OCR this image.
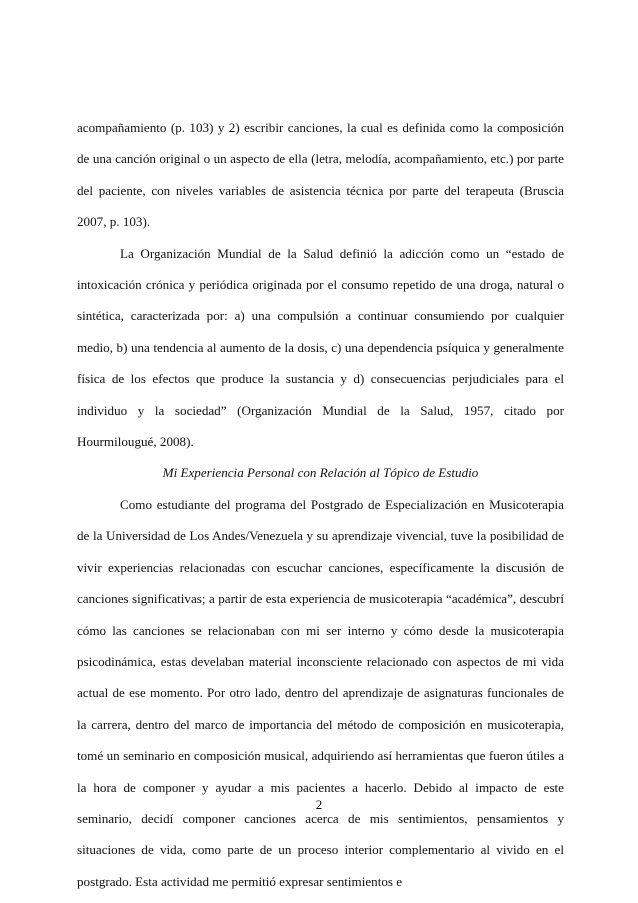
acompañamiento (p. 103) y 2) escribir canciones, la cual es definida como la composición de una canción original o un aspecto de ella (letra, melodía, acompañamiento, etc.) por parte del paciente, con niveles variables de asistencia técnica por parte del terapeuta (Bruscia 2007, p. 103).

La Organización Mundial de la Salud definió la adicción como un “estado de intoxicación crónica y periódica originada por el consumo repetido de una droga, natural o sintética, caracterizada por: a) una compulsión a continuar consumiendo por cualquier medio, b) una tendencia al aumento de la dosis, c) una dependencia psíquica y generalmente física de los efectos que produce la sustancia y d) consecuencias perjudiciales para el individuo y la sociedad” (Organización Mundial de la Salud, 1957, citado por Hourmilougué, 2008).

Mi Experiencia Personal con Relación al Tópico de Estudio

Como estudiante del programa del Postgrado de Especialización en Musicoterapia de la Universidad de Los Andes/Venezuela y su aprendizaje vivencial, tuve la posibilidad de vivir experiencias relacionadas con escuchar canciones, específicamente la discusión de canciones significativas; a partir de esta experiencia de musicoterapia “académica”, descubrí cómo las canciones se relacionaban con mi ser interno y cómo desde la musicoterapia psicodinámica, estas develaban material inconsciente relacionado con aspectos de mi vida actual de ese momento. Por otro lado, dentro del aprendizaje de asignaturas funcionales de la carrera, dentro del marco de importancia del método de composición en musicoterapia, tomé un seminario en composición musical, adquiriendo así herramientas que fueron útiles a la hora de componer y ayudar a mis pacientes a hacerlo. Debido al impacto de este seminario, decidí componer canciones acerca de mis sentimientos, pensamientos y situaciones de vida, como parte de un proceso interior complementario al vivido en el postgrado. Esta actividad me permitió expresar sentimientos e

2
